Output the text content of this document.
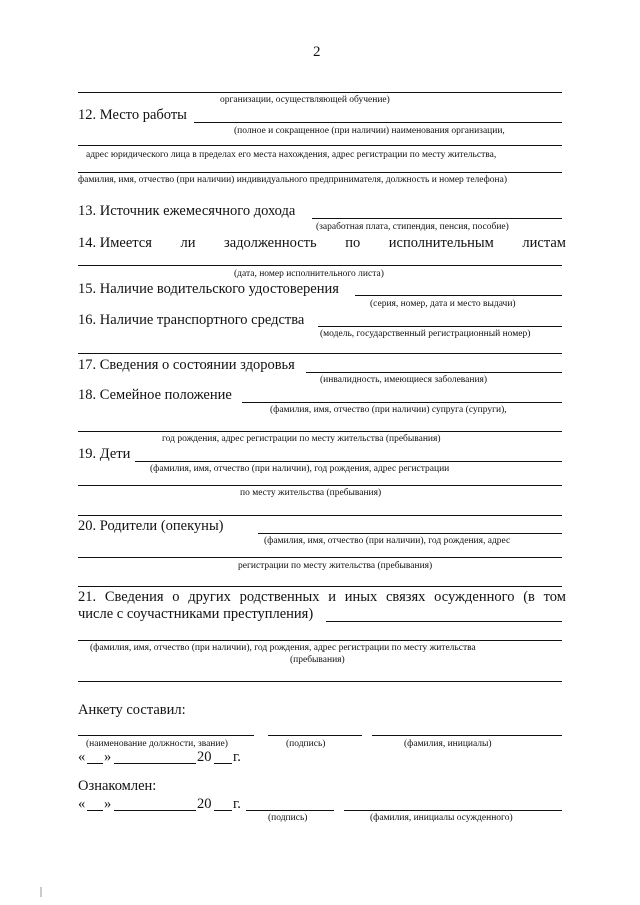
2
организации, осуществляющей обучение)
12. Место работы
(полное и сокращенное (при наличии) наименования организации,
адрес юридического лица в пределах его места нахождения, адрес регистрации по месту жительства,
фамилия, имя, отчество (при наличии) индивидуального предпринимателя, должность и номер телефона)
13. Источник ежемесячного дохода
(заработная плата, стипендия, пенсия, пособие)
14. Имеется ли задолженность по исполнительным листам
(дата, номер исполнительного листа)
15. Наличие водительского удостоверения
(серия, номер, дата и место выдачи)
16. Наличие транспортного средства
(модель, государственный регистрационный номер)
17. Сведения о состоянии здоровья
(инвалидность, имеющиеся заболевания)
18. Семейное положение
(фамилия, имя, отчество (при наличии) супруга (супруги),
год рождения, адрес регистрации по месту жительства (пребывания)
19. Дети
(фамилия, имя, отчество (при наличии), год рождения, адрес регистрации
по месту жительства (пребывания)
20. Родители (опекуны)
(фамилия, имя, отчество (при наличии), год рождения, адрес
регистрации по месту жительства (пребывания)
21. Сведения о других родственных и иных связях осужденного (в том
числе с соучастниками преступления)
(фамилия, имя, отчество (при наличии), год рождения, адрес регистрации по месту жительства
(пребывания)
Анкету составил:
(наименование должности, звание)	(подпись)	(фамилия, инициалы)
« »	20 г.
Ознакомлен:
« »	20 г.
(подпись)	(фамилия, инициалы осужденного)
